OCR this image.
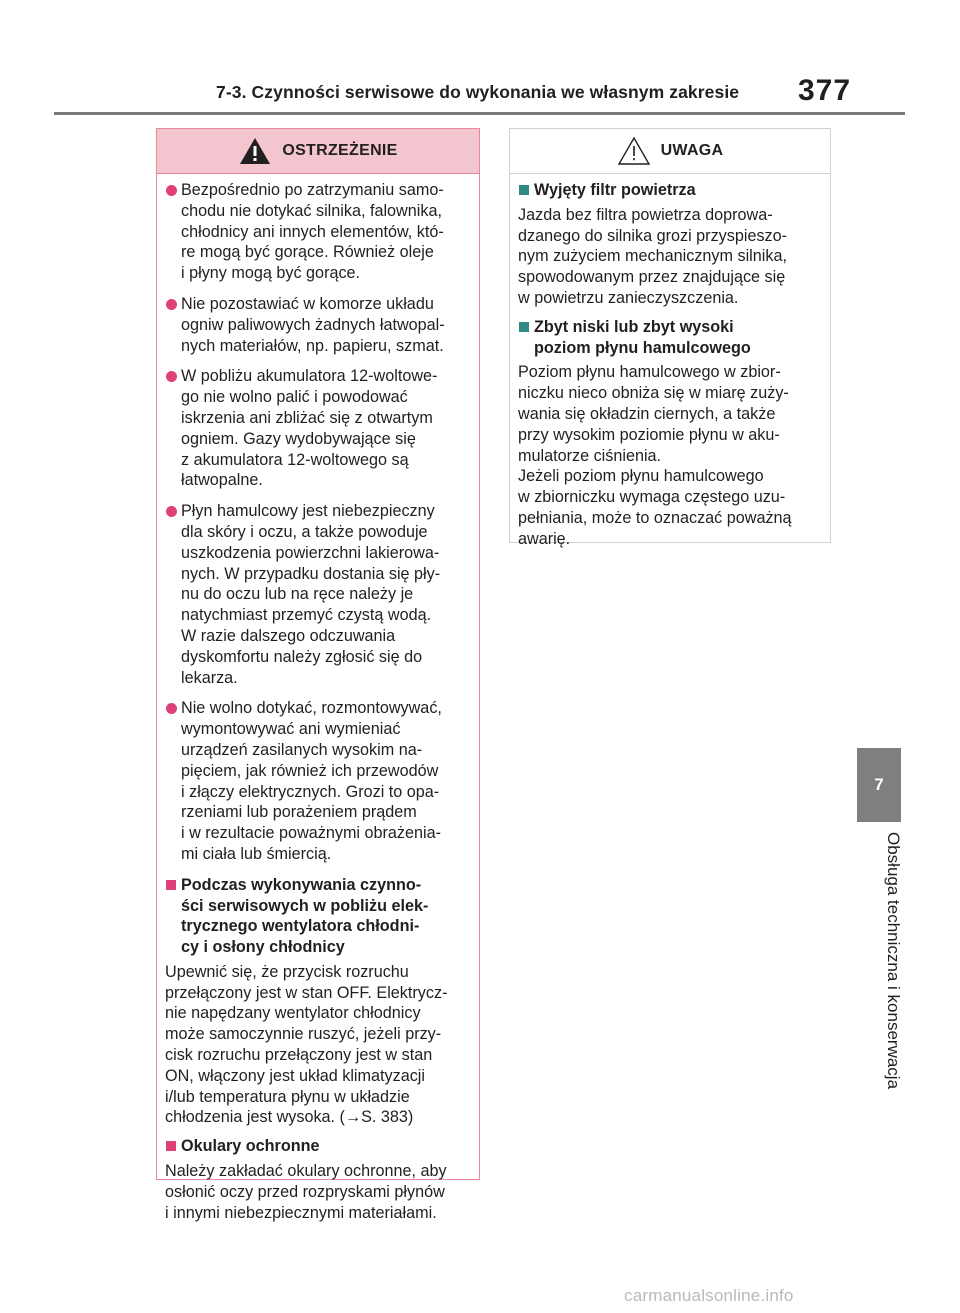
7-3. Czynności serwisowe do wykonania we własnym zakresie 377
OSTRZEŻENIE
Bezpośrednio po zatrzymaniu samo-
chodu nie dotykać silnika, falownika,
chłodnicy ani innych elementów, któ-
re mogą być gorące. Również oleje
i płyny mogą być gorące.
Nie pozostawiać w komorze układu
ogniw paliwowych żadnych łatwopal-
nych materiałów, np. papieru, szmat.
W pobliżu akumulatora 12-woltowe-
go nie wolno palić i powodować
iskrzenia ani zbliżać się z otwartym
ogniem. Gazy wydobywające się
z akumulatora 12-woltowego są
łatwopalne.
Płyn hamulcowy jest niebezpieczny
dla skóry i oczu, a także powoduje
uszkodzenia powierzchni lakierowa-
nych. W przypadku dostania się pły-
nu do oczu lub na ręce należy je
natychmiast przemyć czystą wodą.
W razie dalszego odczuwania
dyskomfortu należy zgłosić się do
lekarza.
Nie wolno dotykać, rozmontowywać,
wymontowywać ani wymieniać
urządzeń zasilanych wysokim na-
pięciem, jak również ich przewodów
i złączy elektrycznych. Grozi to opa-
rzeniami lub porażeniem prądem
i w rezultacie poważnymi obrażenia-
mi ciała lub śmiercią.
Podczas wykonywania czynno-
ści serwisowych w pobliżu elek-
trycznego wentylatora chłodni-
cy i osłony chłodnicy
Upewnić się, że przycisk rozruchu
przełączony jest w stan OFF. Elektrycz-
nie napędzany wentylator chłodnicy
może samoczynnie ruszyć, jeżeli przy-
cisk rozruchu przełączony jest w stan
ON, włączony jest układ klimatyzacji
i/lub temperatura płynu w układzie
chłodzenia jest wysoka. (→S. 383)
Okulary ochronne
Należy zakładać okulary ochronne, aby
osłonić oczy przed rozpryskami płynów
i innymi niebezpiecznymi materiałami.
UWAGA
Wyjęty filtr powietrza
Jazda bez filtra powietrza doprowa-
dzanego do silnika grozi przyspieszo-
nym zużyciem mechanicznym silnika,
spowodowanym przez znajdujące się
w powietrzu zanieczyszczenia.
Zbyt niski lub zbyt wysoki
poziom płynu hamulcowego
Poziom płynu hamulcowego w zbior-
niczku nieco obniża się w miarę zuży-
wania się okładzin ciernych, a także
przy wysokim poziomie płynu w aku-
mulatorze ciśnienia.
Jeżeli poziom płynu hamulcowego
w zbiorniczku wymaga częstego uzu-
pełniania, może to oznaczać poważną
awarię.
7
Obsługa techniczna i konserwacja
carmanualsonline.info
